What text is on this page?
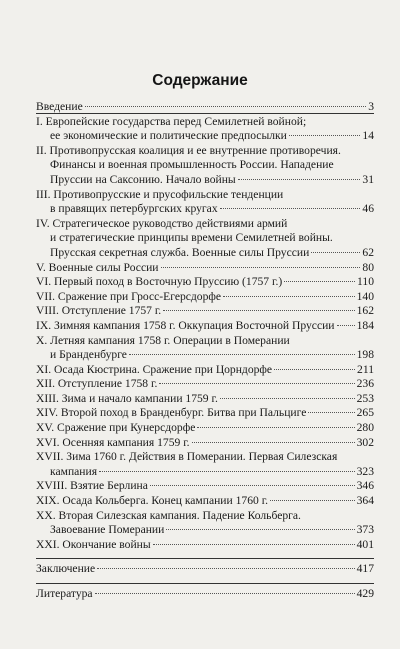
Содержание
Введение	3
I. Европейские государства перед Семилетней войной;
ее экономические и политические предпосылки	14
II. Противопрусская коалиция и ее внутренние противоречия.
Финансы и военная промышленность России. Нападение
Пруссии на Саксонию. Начало войны	31
III. Противопрусские и прусофильские тенденции
в правящих петербургских кругах	46
IV. Стратегическое руководство действиями армий
и стратегические принципы времени Семилетней войны.
Прусская секретная служба. Военные силы Пруссии	62
V. Военные силы России	80
VI. Первый поход в Восточную Пруссию (1757 г.)	110
VII. Сражение при Гросс-Егерсдорфе	140
VIII. Отступление 1757 г.	162
IX. Зимняя кампания 1758 г. Оккупация Восточной Пруссии 184
X. Летняя кампания 1758 г. Операции в Померании
и Бранденбурге	198
XI. Осада Кюстрина. Сражение при Цорндорфе	211
XII. Отступление 1758 г.	236
XIII. Зима и начало кампании 1759 г.	253
XIV. Второй поход в Бранденбург. Битва при Пальциге	265
XV. Сражение при Кунерсдорфе	280
XVI. Осенняя кампания 1759 г.	302
XVII. Зима 1760 г. Действия в Померании. Первая Силезская
кампания	323
XVIII. Взятие Берлина	346
XIX. Осада Кольберга. Конец кампании 1760 г.	364
XX. Вторая Силезская кампания. Падение Кольберга.
Завоевание Померании	373
XXI. Окончание войны	401
Заключение	417
Литература	429
